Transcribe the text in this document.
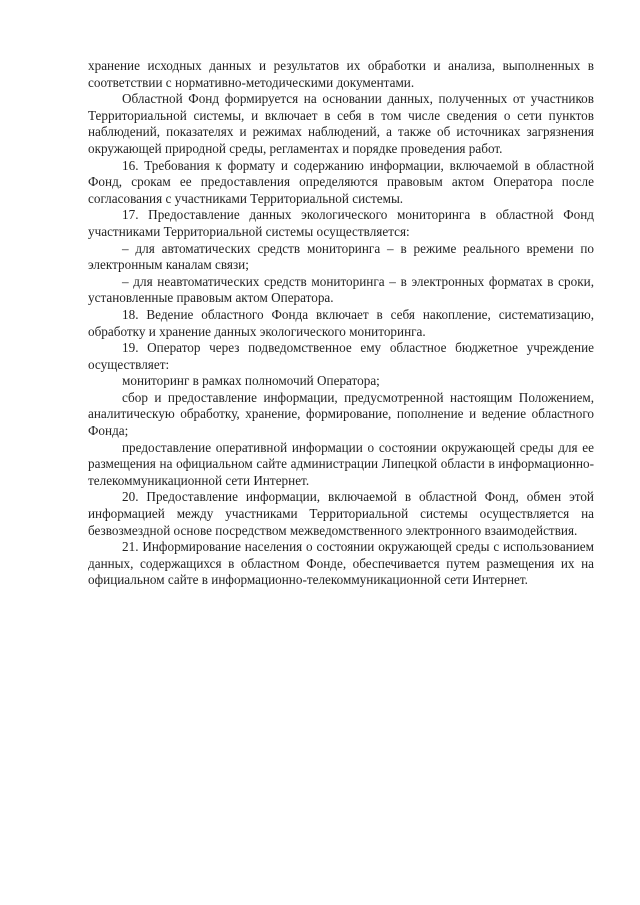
хранение исходных данных и результатов их обработки и анализа, выполненных в соответствии с нормативно-методическими документами.

Областной Фонд формируется на основании данных, полученных от участников Территориальной системы, и включает в себя в том числе сведения о сети пунктов наблюдений, показателях и режимах наблюдений, а также об источниках загрязнения окружающей природной среды, регламентах и порядке проведения работ.

16. Требования к формату и содержанию информации, включаемой в областной Фонд, срокам ее предоставления определяются правовым актом Оператора после согласования с участниками Территориальной системы.

17. Предоставление данных экологического мониторинга в областной Фонд участниками Территориальной системы осуществляется:

– для автоматических средств мониторинга – в режиме реального времени по электронным каналам связи;

– для неавтоматических средств мониторинга – в электронных форматах в сроки, установленные правовым актом Оператора.

18. Ведение областного Фонда включает в себя накопление, систематизацию, обработку и хранение данных экологического мониторинга.

19. Оператор через подведомственное ему областное бюджетное учреждение осуществляет:

мониторинг в рамках полномочий Оператора;

сбор и предоставление информации, предусмотренной настоящим Положением, аналитическую обработку, хранение, формирование, пополнение и ведение областного Фонда;

предоставление оперативной информации о состоянии окружающей среды для ее размещения на официальном сайте администрации Липецкой области в информационно-телекоммуникационной сети Интернет.

20. Предоставление информации, включаемой в областной Фонд, обмен этой информацией между участниками Территориальной системы осуществляется на безвозмездной основе посредством межведомственного электронного взаимодействия.

21. Информирование населения о состоянии окружающей среды с использованием данных, содержащихся в областном Фонде, обеспечивается путем размещения их на официальном сайте в информационно-телекоммуникационной сети Интернет.
